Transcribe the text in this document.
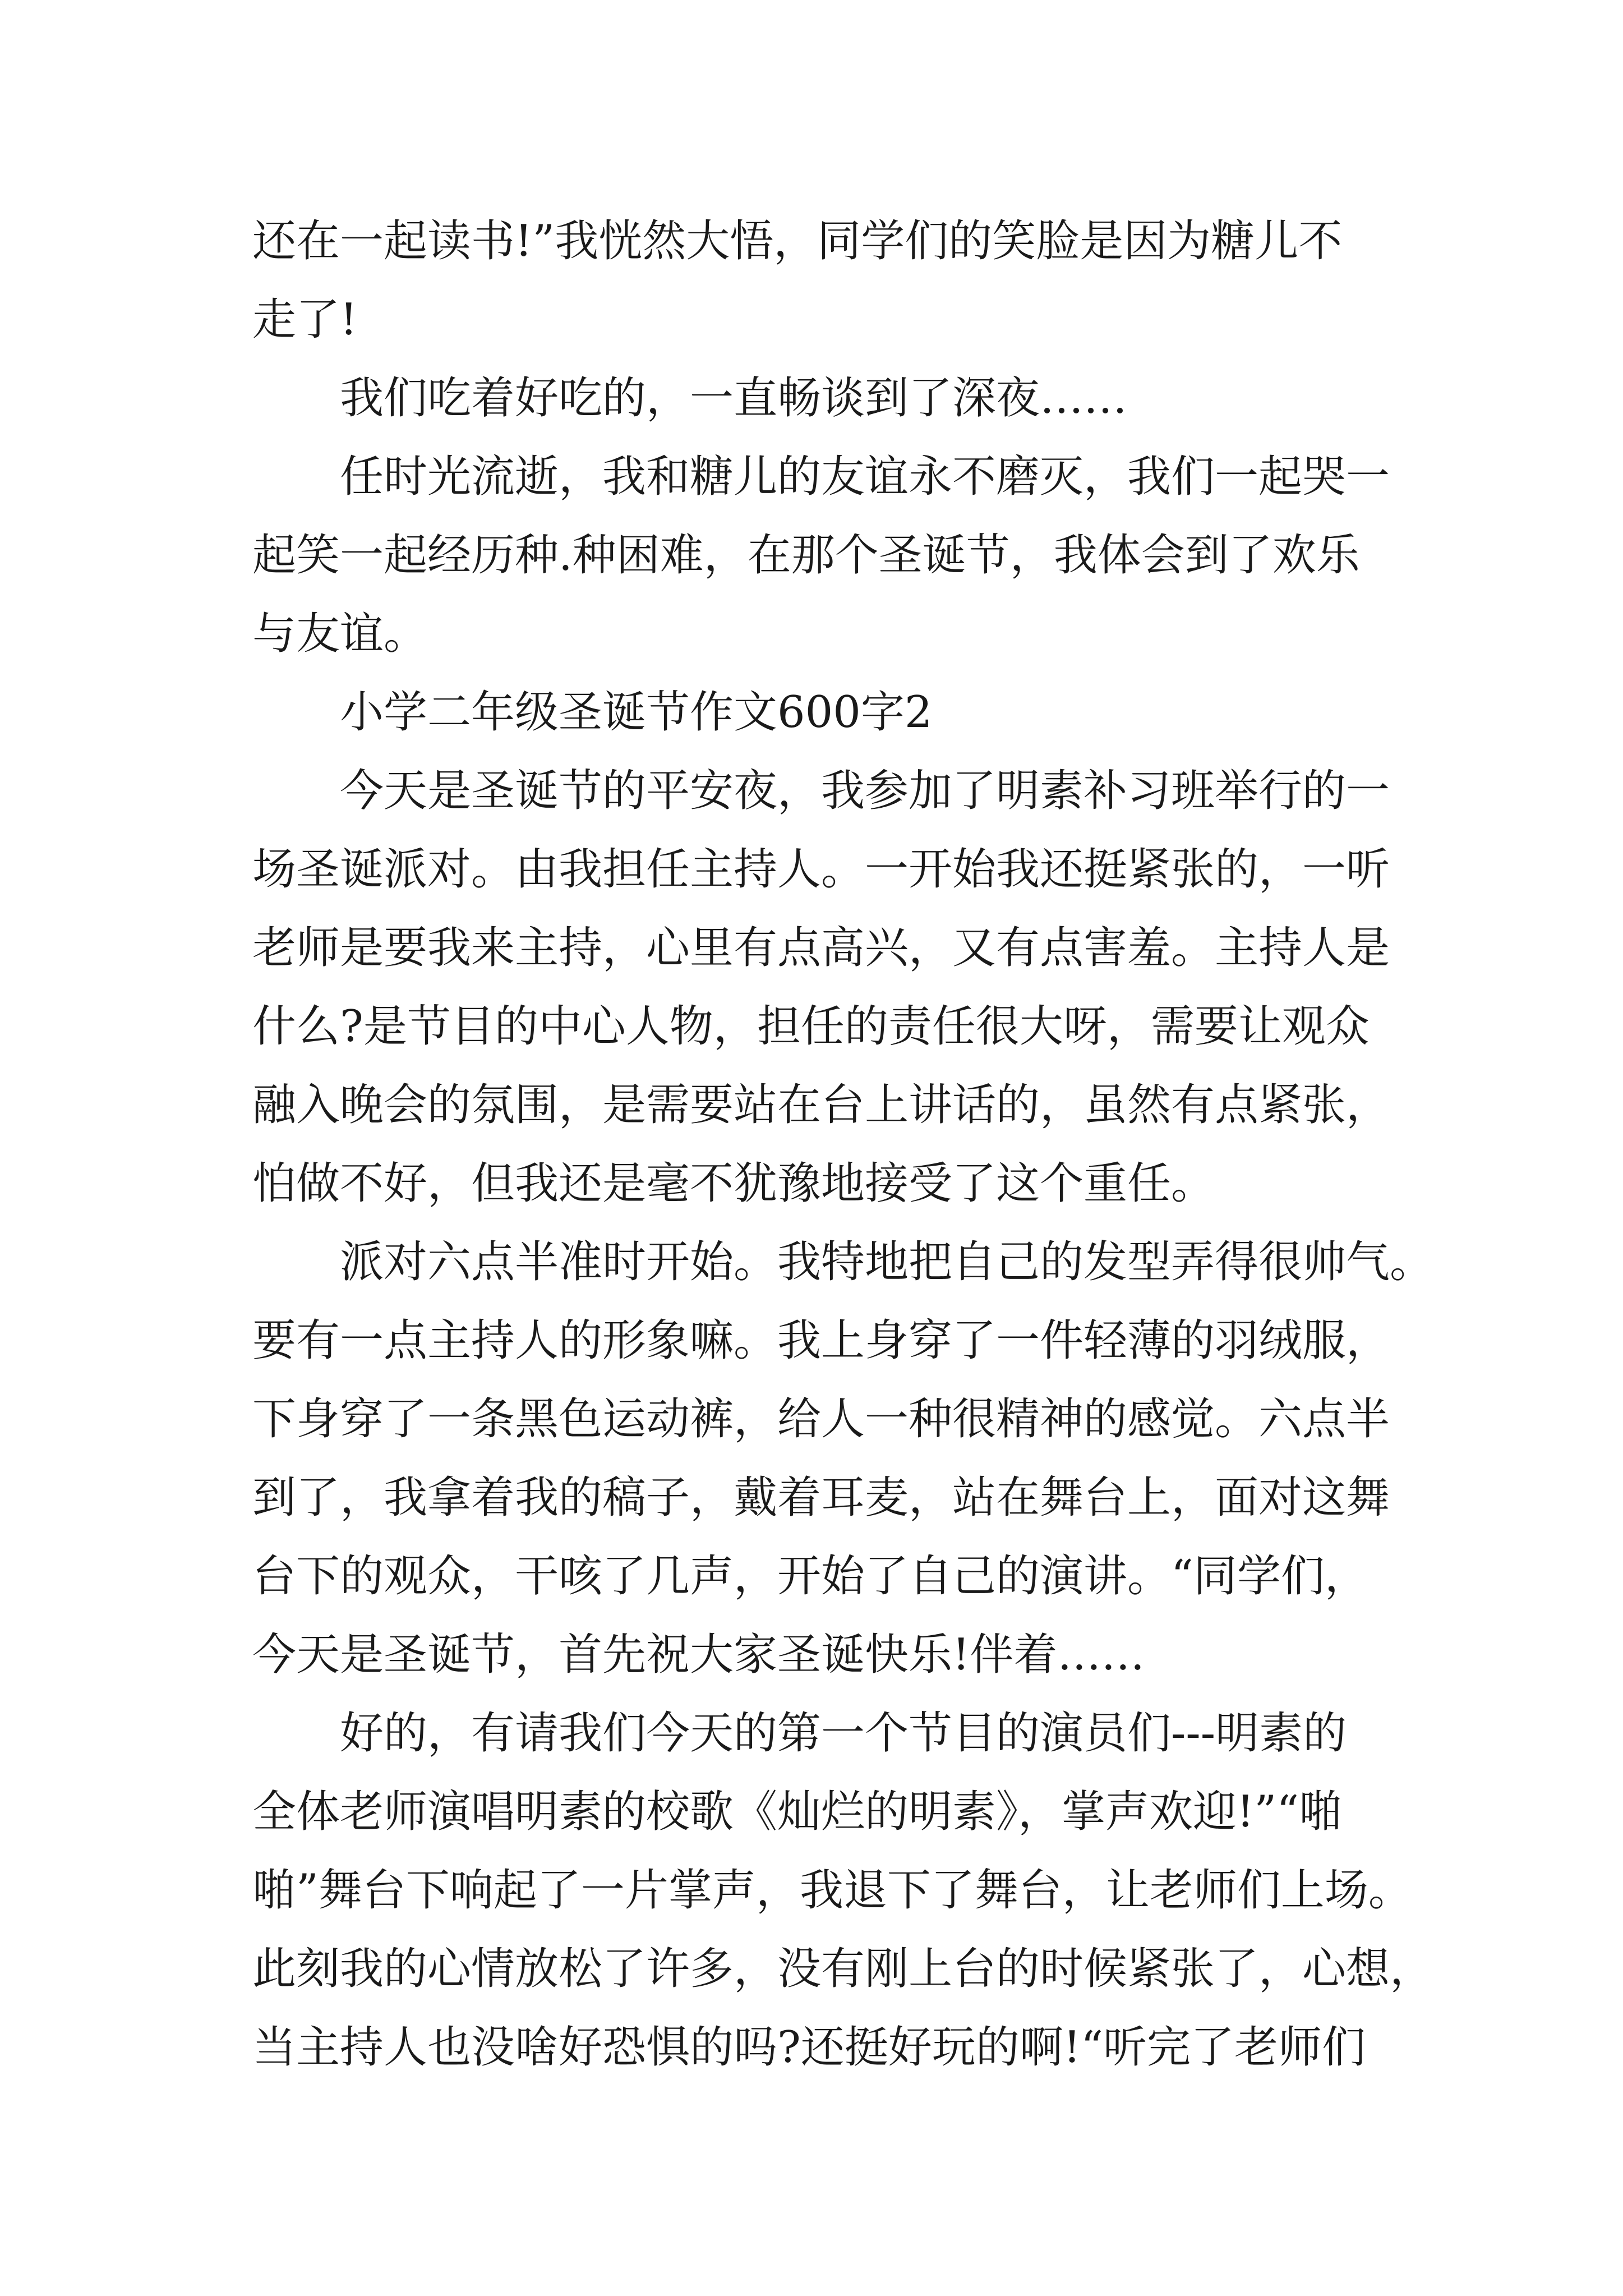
还在一起读书!”我恍然大悟，同学们的笑脸是因为糖儿不

走了!

我们吃着好吃的，一直畅谈到了深夜……

任时光流逝，我和糖儿的友谊永不磨灭，我们一起哭一

起笑一起经历种.种困难，在那个圣诞节，我体会到了欢乐

与友谊。

小学二年级圣诞节作文600字2

今天是圣诞节的平安夜，我参加了明素补习班举行的一

场圣诞派对。由我担任主持人。一开始我还挺紧张的，一听

老师是要我来主持，心里有点高兴，又有点害羞。主持人是

什么?是节目的中心人物，担任的责任很大呀，需要让观众

融入晚会的氛围，是需要站在台上讲话的，虽然有点紧张，

怕做不好，但我还是毫不犹豫地接受了这个重任。

派对六点半准时开始。我特地把自己的发型弄得很帅气。

要有一点主持人的形象嘛。我上身穿了一件轻薄的羽绒服，

下身穿了一条黑色运动裤，给人一种很精神的感觉。六点半

到了，我拿着我的稿子，戴着耳麦，站在舞台上，面对这舞

台下的观众，干咳了几声，开始了自己的演讲。“同学们，

今天是圣诞节，首先祝大家圣诞快乐!伴着……

好的，有请我们今天的第一个节目的演员们---明素的

全体老师演唱明素的校歌《灿烂的明素》，掌声欢迎!”“啪

啪”舞台下响起了一片掌声，我退下了舞台，让老师们上场。

此刻我的心情放松了许多，没有刚上台的时候紧张了，心想，

当主持人也没啥好恐惧的吗?还挺好玩的啊!“听完了老师们
